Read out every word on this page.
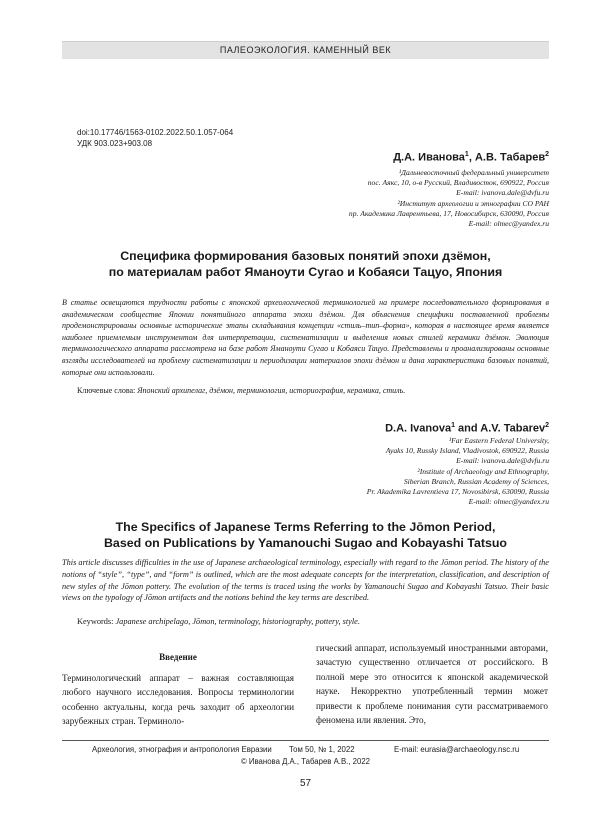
ПАЛЕОЭКОЛОГИЯ. КАМЕННЫЙ ВЕК
doi:10.17746/1563-0102.2022.50.1.057-064
УДК 903.023+903.08
Д.А. Иванова$^1$, А.В. Табарев$^2$
¹Дальневосточный федеральный университет
пос. Аякс, 10, о-в Русский, Владивосток, 690922, Россия
E-mail: ivanova.dale@dvfu.ru
²Институт археологии и этнографии СО РАН
пр. Академика Лаврентьева, 17, Новосибирск, 630090, Россия
E-mail: olmec@yandex.ru
Специфика формирования базовых понятий эпохи дзёмон,
по материалам работ Яманоути Сугао и Кобаяси Тацуо, Япония
В статье освещаются трудности работы с японской археологической терминологией на примере последовательного формирования в академическом сообществе Японии понятийного аппарата эпохи дзёмон. Для объяснения специфики поставленной проблемы продемонстрированы основные исторические этапы складывания концепции «стиль–тип–форма», которая в настоящее время является наиболее приемлемым инструментом для интерпретации, систематизации и выделения новых стилей керамики дзёмон. Эволюция терминологического аппарата рассмотрена на базе работ Яманоути Сугао и Кобаяси Тацуо. Представлены и проанализированы основные взгляды исследователей на проблему систематизации и периодизации материалов эпохи дзёмон и дана характеристика базовых понятий, которые они использовали.
Ключевые слова: Японский архипелаг, дзёмон, терминология, историография, керамика, стиль.
D.A. Ivanova$^1$ and A.V. Tabarev$^2$
¹Far Eastern Federal University,
Ayaks 10, Russky Island, Vladivostok, 690922, Russia
E-mail: ivanova.dale@dvfu.ru
²Institute of Archaeology and Ethnography,
Siberian Branch, Russian Academy of Sciences,
Pr. Akademika Lavrentieva 17, Novosibirsk, 630090, Russia
E-mail: olmec@yandex.ru
The Specifics of Japanese Terms Referring to the Jōmon Period,
Based on Publications by Yamanouchi Sugao and Kobayashi Tatsuo
This article discusses difficulties in the use of Japanese archaeological terminology, especially with regard to the Jōmon period. The history of the notions of “style”, “type”, and “form” is outlined, which are the most adequate concepts for the interpretation, classification, and description of new styles of the Jōmon pottery. The evolution of the terms is traced using the works by Yamanouchi Sugao and Kobayashi Tatsuo. Their basic views on the typology of Jōmon artifacts and the notions behind the key terms are described.
Keywords: Japanese archipelago, Jōmon, terminology, historiography, pottery, style.
Введение
Терминологический аппарат – важная составляющая любого научного исследования. Вопросы терминологии особенно актуальны, когда речь заходит об археологии зарубежных стран. Терминоло-
гический аппарат, используемый иностранными авторами, зачастую существенно отличается от российского. В полной мере это относится к японской академической науке. Некорректно употребленный термин может привести к проблеме понимания сути рассматриваемого феномена или явления. Это,
Археология, этнография и антропология Евразии Том 50, № 1, 2022	E-mail: eurasia@archaeology.nsc.ru
© Иванова Д.А., Табарев А.В., 2022
57
